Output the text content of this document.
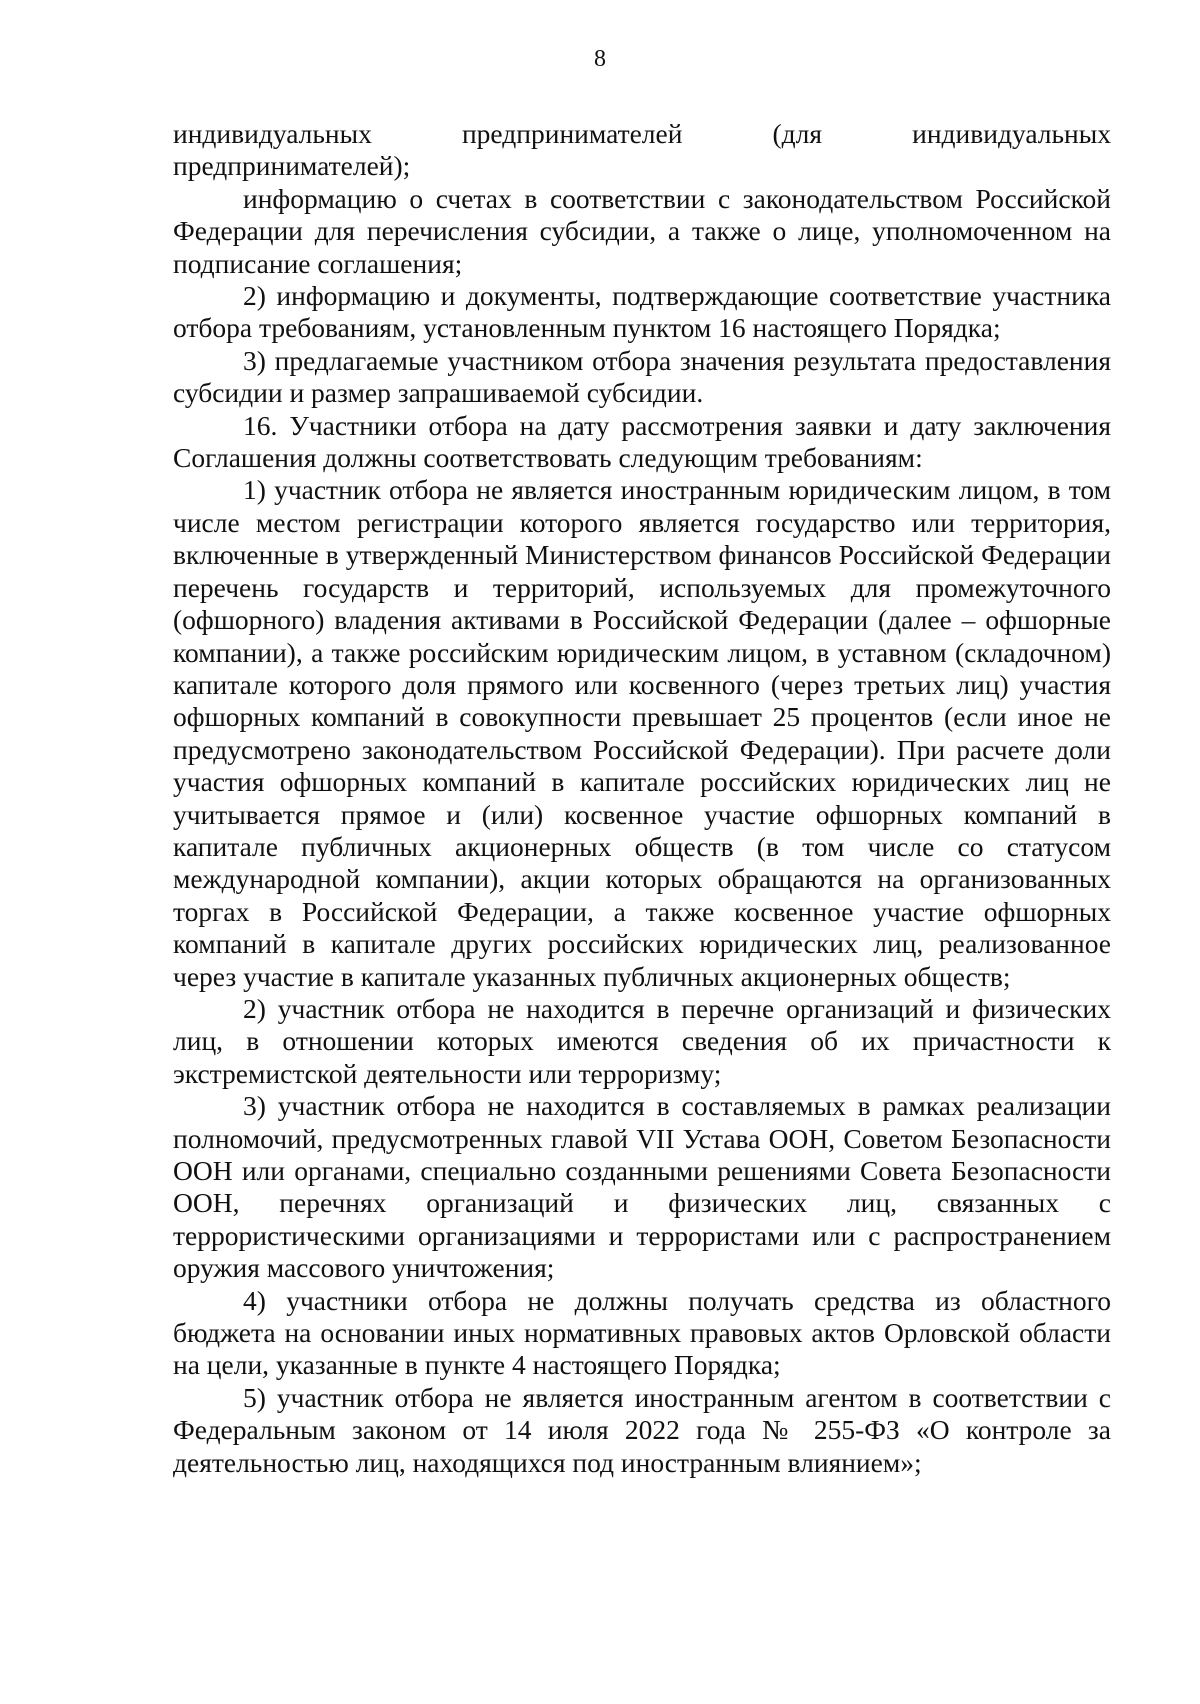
8
индивидуальных	предпринимателей	(для	индивидуальных

предпринимателей);

информацию о счетах в соответствии с законодательством Российской Федерации для перечисления субсидии, а также о лице, уполномоченном на подписание соглашения;

2) информацию и документы, подтверждающие соответствие участника отбора требованиям, установленным пунктом 16 настоящего Порядка;

3) предлагаемые участником отбора значения результата предоставления субсидии и размер запрашиваемой субсидии.

16. Участники отбора на дату рассмотрения заявки и дату заключения Соглашения должны соответствовать следующим требованиям:

1) участник отбора не является иностранным юридическим лицом, в том числе местом регистрации которого является государство или территория, включенные в утвержденный Министерством финансов Российской Федерации перечень государств и территорий, используемых для промежуточного (офшорного) владения активами в Российской Федерации (далее – офшорные компании), а также российским юридическим лицом, в уставном (складочном) капитале которого доля прямого или косвенного (через третьих лиц) участия офшорных компаний в совокупности превышает 25 процентов (если иное не предусмотрено законодательством Российской Федерации). При расчете доли участия офшорных компаний в капитале российских юридических лиц не учитывается прямое и (или) косвенное участие офшорных компаний в капитале публичных акционерных обществ (в том числе со статусом международной компании), акции которых обращаются на организованных торгах в Российской Федерации, а также косвенное участие офшорных компаний в капитале других российских юридических лиц, реализованное через участие в капитале указанных публичных акционерных обществ;

2) участник отбора не находится в перечне организаций и физических лиц, в отношении которых имеются сведения об их причастности к экстремистской деятельности или терроризму;

3) участник отбора не находится в составляемых в рамках реализации полномочий, предусмотренных главой VII Устава ООН, Советом Безопасности ООН или органами, специально созданными решениями Совета Безопасности ООН, перечнях организаций и физических лиц, связанных с террористическими организациями и террористами или с распространением оружия массового уничтожения;

4) участники отбора не должны получать средства из областного бюджета на основании иных нормативных правовых актов Орловской области на цели, указанные в пункте 4 настоящего Порядка;

5) участник отбора не является иностранным агентом в соответствии с Федеральным законом от 14 июля 2022 года № 255-ФЗ «О контроле за деятельностью лиц, находящихся под иностранным влиянием»;
